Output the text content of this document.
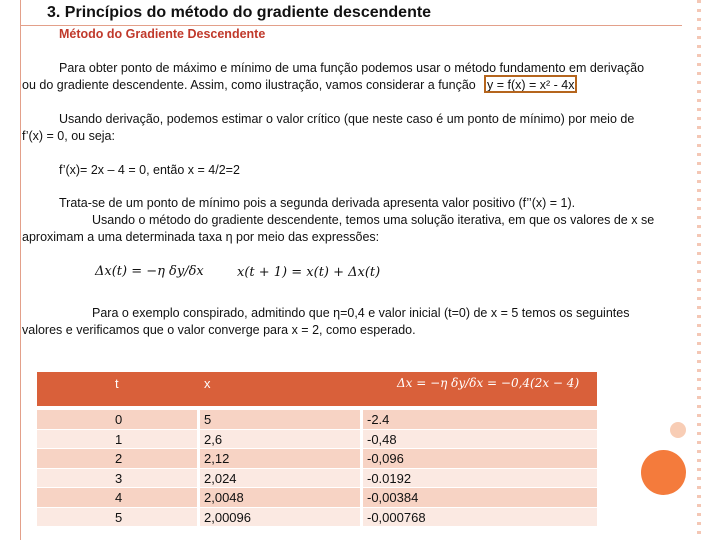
3. Princípios do método do gradiente descendente
Método do Gradiente Descendente
Para obter ponto de máximo e mínimo de uma função podemos usar o método fundamento em derivação
ou do gradiente descendente. Assim, como ilustração, vamos considerar a função y = f(x) = x² - 4x.
Usando derivação, podemos estimar o valor crítico (que neste caso é um ponto de mínimo) por meio de
f’(x) = 0, ou seja:
f’(x)= 2x – 4 = 0, então x = 4/2=2
Trata-se de um ponto de mínimo pois a segunda derivada apresenta valor positivo (f’’(x) = 1).
Usando o método do gradiente descendente, temos uma solução iterativa, em que os valores de x se
aproximam a uma determinada taxa η por meio das expressões:
Δx(t) = −η δy/δx	x(t + 1) = x(t) + Δx(t)
Para o exemplo conspirado, admitindo que η=0,4 e valor inicial (t=0) de x = 5 temos os seguintes
valores e verificamos que o valor converge para x = 2, como esperado.
t	x	Δx = −η δy/δx = −0,4(2x − 4)
0	5	-2.4
1	2,6	-0,48
2	2,12	-0,096
3	2,024	-0.0192
4	2,0048	-0,00384
5	2,00096	-0,000768
